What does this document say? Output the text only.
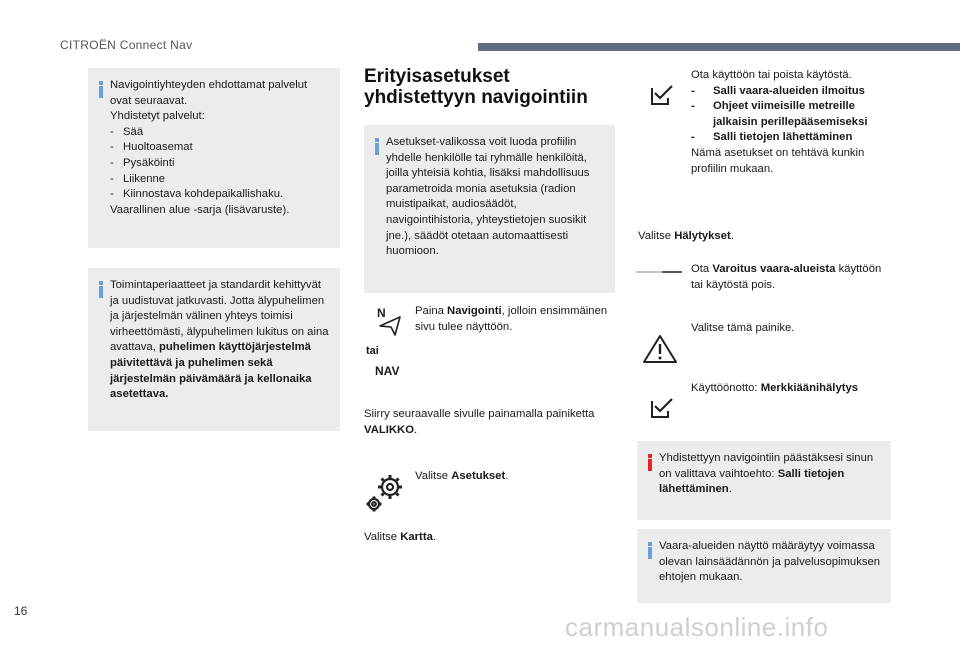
CITROËN Connect Nav
Navigointiyhteyden ehdottamat palvelut ovat seuraavat.
Yhdistetyt palvelut:
- Sää
- Huoltoasemat
- Pysäköinti
- Liikenne
- Kiinnostava kohdepaikallishaku.
Vaarallinen alue -sarja (lisävaruste).
Toimintaperiaatteet ja standardit kehittyvät ja uudistuvat jatkuvasti. Jotta älypuhelimen ja järjestelmän välinen yhteys toimisi virheettömästi, älypuhelimen lukitus on aina avattava, puhelimen käyttöjärjestelmä päivitettävä ja puhelimen sekä järjestelmän päivämäärä ja kellonaika asetettava.
Erityisasetukset
yhdistettyyn navigointiin
Asetukset-valikossa voit luoda profiilin yhdelle henkilölle tai ryhmälle henkilöitä, joilla yhteisiä kohtia, lisäksi mahdollisuus parametroida monia asetuksia (radion muistipaikat, audiosäädöt, navigointihistoria, yhteystietojen suosikit jne.), säädöt otetaan automaattisesti huomioon.
N
tai
NAV
Paina Navigointi, jolloin ensimmäinen sivu tulee näyttöön.
Siirry seuraavalle sivulle painamalla painiketta VALIKKO.
Valitse Asetukset.
Valitse Kartta.
Ota käyttöön tai poista käytöstä.
- Salli vaara-alueiden ilmoitus
- Ohjeet viimeisille metreille jalkaisin perillepääsemiseksi
- Salli tietojen lähettäminen
Nämä asetukset on tehtävä kunkin profiilin mukaan.
Valitse Hälytykset.
Ota Varoitus vaara-alueista käyttöön tai käytöstä pois.
Valitse tämä painike.
Käyttöönotto: Merkkiäänihälytys
Yhdistettyyn navigointiin päästäksesi sinun on valittava vaihtoehto: Salli tietojen lähettäminen.
Vaara-alueiden näyttö määräytyy voimassa olevan lainsäädännön ja palvelusopimuksen ehtojen mukaan.
16
carmanualsonline.info
